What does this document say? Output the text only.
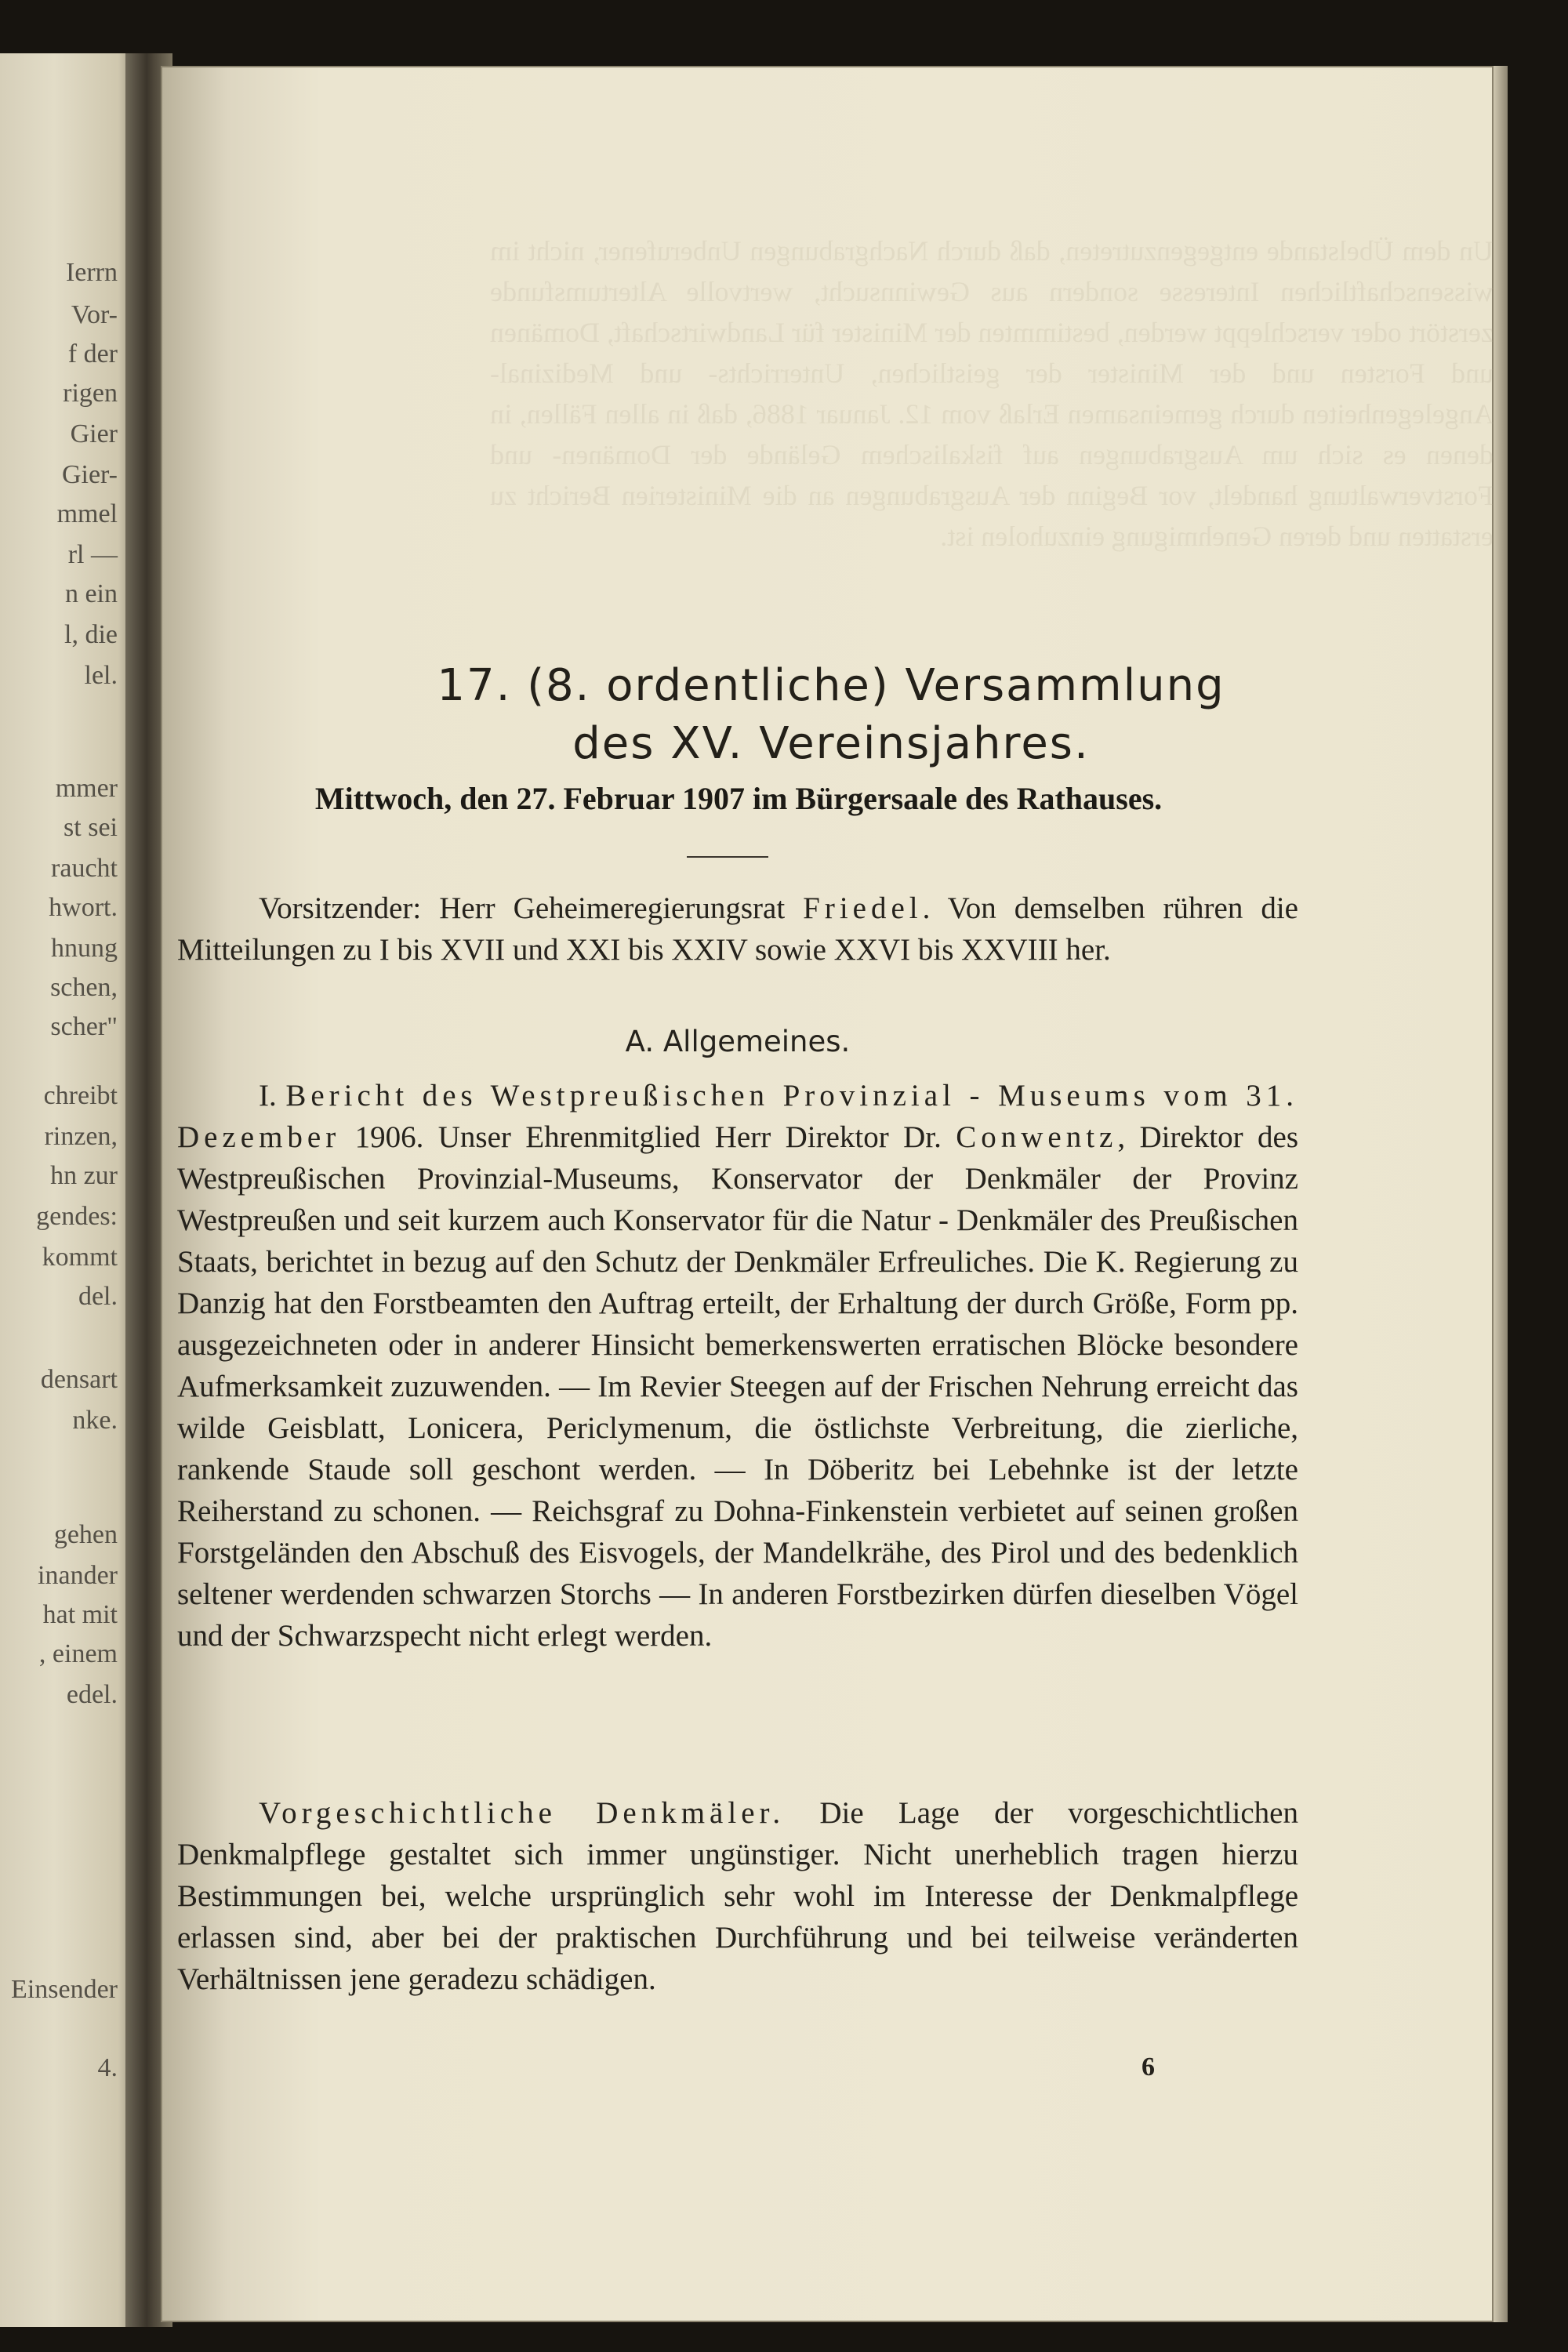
Ierrn
Vor-
f der
rigen
Gier
Gier-
mmel
rl —
n ein
l, die
lel.
mmer
st sei
raucht
hwort.
hnung
schen,
scher"
chreibt
rinzen,
hn zur
gendes:
kommt
del.
densart
nke.
gehen
inander
hat mit
, einem
edel.
Einsender
4.
Un dem Übelstande entgegenzutreten, daß durch Nachgrabungen Unberufener, nicht im wissenschaftlichen Interesse sondern aus Gewinnsucht, wertvolle Altertumsfunde zerstört oder verschleppt werden, bestimmten der Minister für Landwirtschaft, Domänen und Forsten und der Minister der geistlichen, Unterrichts- und Medizinal-Angelegenheiten durch gemeinsamen Erlaß vom 12. Januar 1886, daß in allen Fällen, in denen es sich um Ausgrabungen auf fiskalischem Gelände der Domänen- und Forstverwaltung handelt, vor Beginn der Ausgrabungen an die Ministerien Bericht zu erstatten und deren Genehmigung einzuholen ist.
17. (8. ordentliche) Versammlung
des XV. Vereinsjahres.
Mittwoch, den 27. Februar 1907 im Bürgersaale des Rathauses.

Vorsitzender: Herr Geheimeregierungsrat Friedel. Von demselben rühren die Mitteilungen zu I bis XVII und XXI bis XXIV sowie XXVI bis XXVIII her.

A. Allgemeines.

I. Bericht des Westpreußischen Provinzial - Museums vom 31. Dezember 1906. Unser Ehrenmitglied Herr Direktor Dr. Conwentz, Direktor des Westpreußischen Provinzial-Museums, Konservator der Denkmäler der Provinz Westpreußen und seit kurzem auch Konservator für die Natur - Denkmäler des Preußischen Staats, berichtet in bezug auf den Schutz der Denkmäler Erfreuliches. Die K. Regierung zu Danzig hat den Forstbeamten den Auftrag erteilt, der Erhaltung der durch Größe, Form pp. ausgezeichneten oder in anderer Hinsicht bemerkenswerten erratischen Blöcke besondere Aufmerksamkeit zuzuwenden. — Im Revier Steegen auf der Frischen Nehrung erreicht das wilde Geisblatt, Lonicera, Periclymenum, die östlichste Verbreitung, die zierliche, rankende Staude soll geschont werden. — In Döberitz bei Lebehnke ist der letzte Reiherstand zu schonen. — Reichsgraf zu Dohna-Finkenstein verbietet auf seinen großen Forstgeländen den Abschuß des Eisvogels, der Mandelkrähe, des Pirol und des bedenklich seltener werdenden schwarzen Storchs — In anderen Forstbezirken dürfen dieselben Vögel und der Schwarzspecht nicht erlegt werden.

Vorgeschichtliche Denkmäler. Die Lage der vorgeschichtlichen Denkmalpflege gestaltet sich immer ungünstiger. Nicht unerheblich tragen hierzu Bestimmungen bei, welche ursprünglich sehr wohl im Interesse der Denkmalpflege erlassen sind, aber bei der praktischen Durchführung und bei teilweise veränderten Verhältnissen jene geradezu schädigen.

6
